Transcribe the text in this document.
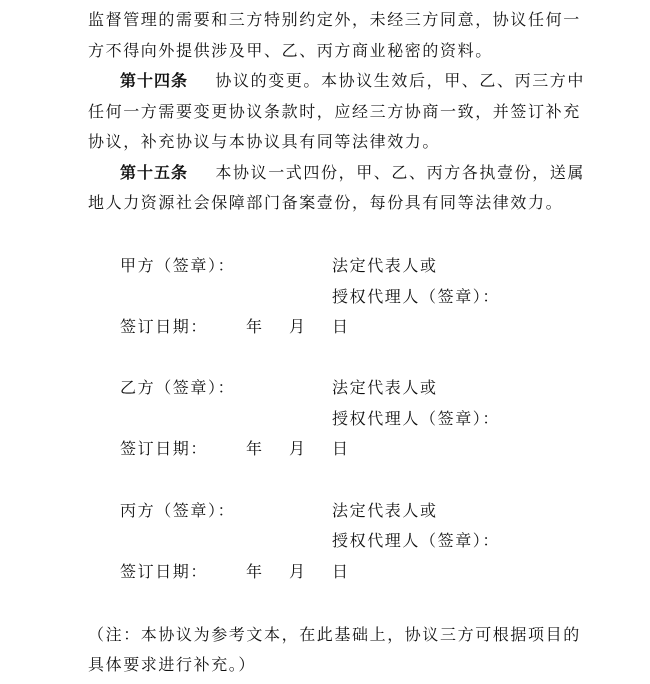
监督管理的需要和三方特别约定外，未经三方同意，协议任何一
方不得向外提供涉及甲、乙、丙方商业秘密的资料。
第十四条 协议的变更。本协议生效后，甲、乙、丙三方中
任何一方需要变更协议条款时，应经三方协商一致，并签订补充
协议，补充协议与本协议具有同等法律效力。
第十五条 本协议一式四份，甲、乙、丙方各执壹份，送属
地人力资源社会保障部门备案壹份，每份具有同等法律效力。
甲方（签章）：	法定代表人或
授权代理人（签章）：
签订日期： 年 月 日
乙方（签章）：	法定代表人或
授权代理人（签章）：
签订日期： 年 月 日
丙方（签章）：	法定代表人或
授权代理人（签章）：
签订日期： 年 月 日
（注：本协议为参考文本，在此基础上，协议三方可根据项目的
具体要求进行补充。）
